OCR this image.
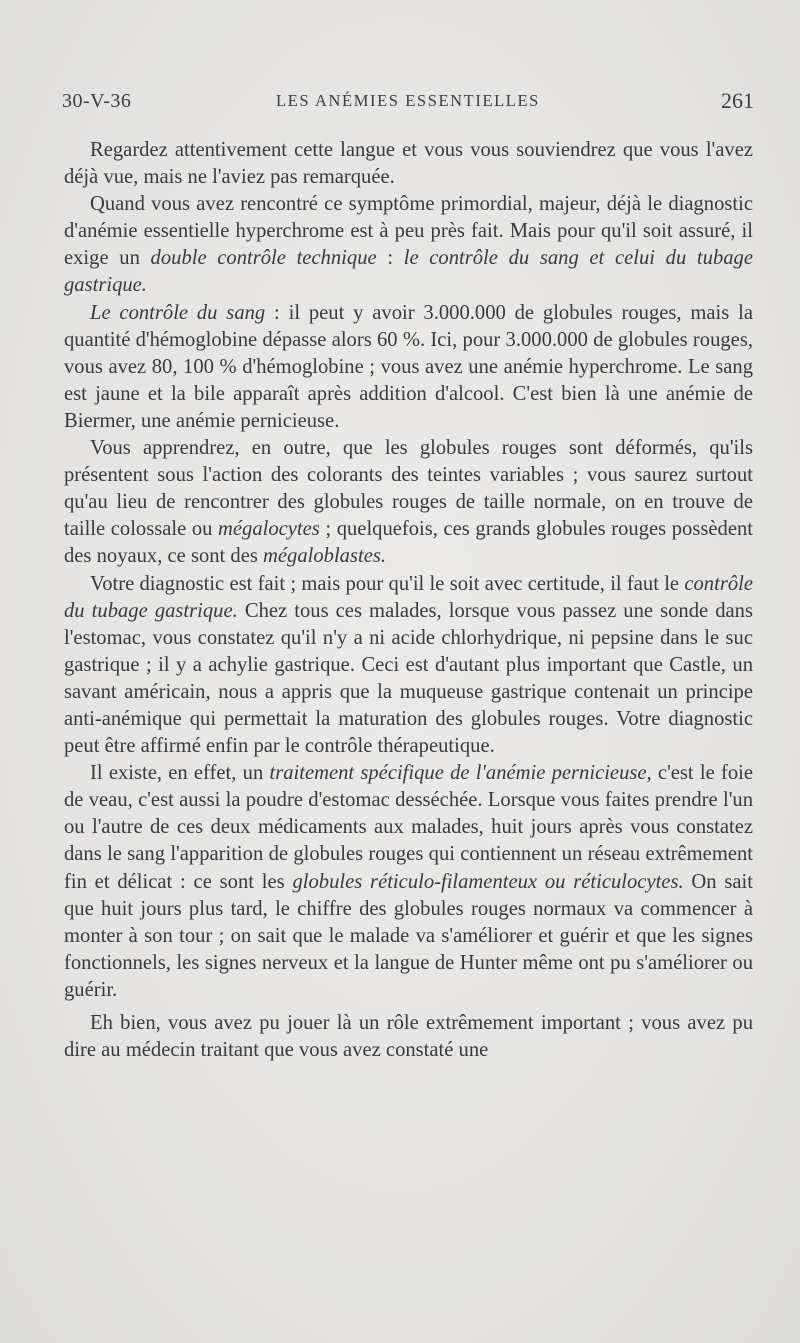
30-V-36	LES ANÉMIES ESSENTIELLES	261

Regardez attentivement cette langue et vous vous souviendrez que vous l'avez déjà vue, mais ne l'aviez pas remarquée.

Quand vous avez rencontré ce symptôme primordial, majeur, déjà le diagnostic d'anémie essentielle hyperchrome est à peu près fait. Mais pour qu'il soit assuré, il exige un double contrôle technique : le contrôle du sang et celui du tubage gastrique.

Le contrôle du sang : il peut y avoir 3.000.000 de globules rouges, mais la quantité d'hémoglobine dépasse alors 60 %. Ici, pour 3.000.000 de globules rouges, vous avez 80, 100 % d'hémoglobine ; vous avez une anémie hyperchrome. Le sang est jaune et la bile apparaît après addition d'alcool. C'est bien là une anémie de Biermer, une anémie pernicieuse.

Vous apprendrez, en outre, que les globules rouges sont déformés, qu'ils présentent sous l'action des colorants des teintes variables ; vous saurez surtout qu'au lieu de rencontrer des globules rouges de taille normale, on en trouve de taille colossale ou mégalocytes ; quelquefois, ces grands globules rouges possèdent des noyaux, ce sont des mégaloblastes.

Votre diagnostic est fait ; mais pour qu'il le soit avec certitude, il faut le contrôle du tubage gastrique. Chez tous ces malades, lorsque vous passez une sonde dans l'estomac, vous constatez qu'il n'y a ni acide chlorhydrique, ni pepsine dans le suc gastrique ; il y a achylie gastrique. Ceci est d'autant plus important que Castle, un savant américain, nous a appris que la muqueuse gastrique contenait un principe anti-anémique qui permettait la maturation des globules rouges. Votre diagnostic peut être affirmé enfin par le contrôle thérapeutique.

Il existe, en effet, un traitement spécifique de l'anémie pernicieuse, c'est le foie de veau, c'est aussi la poudre d'estomac desséchée. Lorsque vous faites prendre l'un ou l'autre de ces deux médicaments aux malades, huit jours après vous constatez dans le sang l'apparition de globules rouges qui contiennent un réseau extrêmement fin et délicat : ce sont les globules réticulo-filamenteux ou réticulocytes. On sait que huit jours plus tard, le chiffre des globules rouges normaux va commencer à monter à son tour ; on sait que le malade va s'améliorer et guérir et que les signes fonctionnels, les signes nerveux et la langue de Hunter même ont pu s'améliorer ou guérir.

Eh bien, vous avez pu jouer là un rôle extrêmement important ; vous avez pu dire au médecin traitant que vous avez constaté une
